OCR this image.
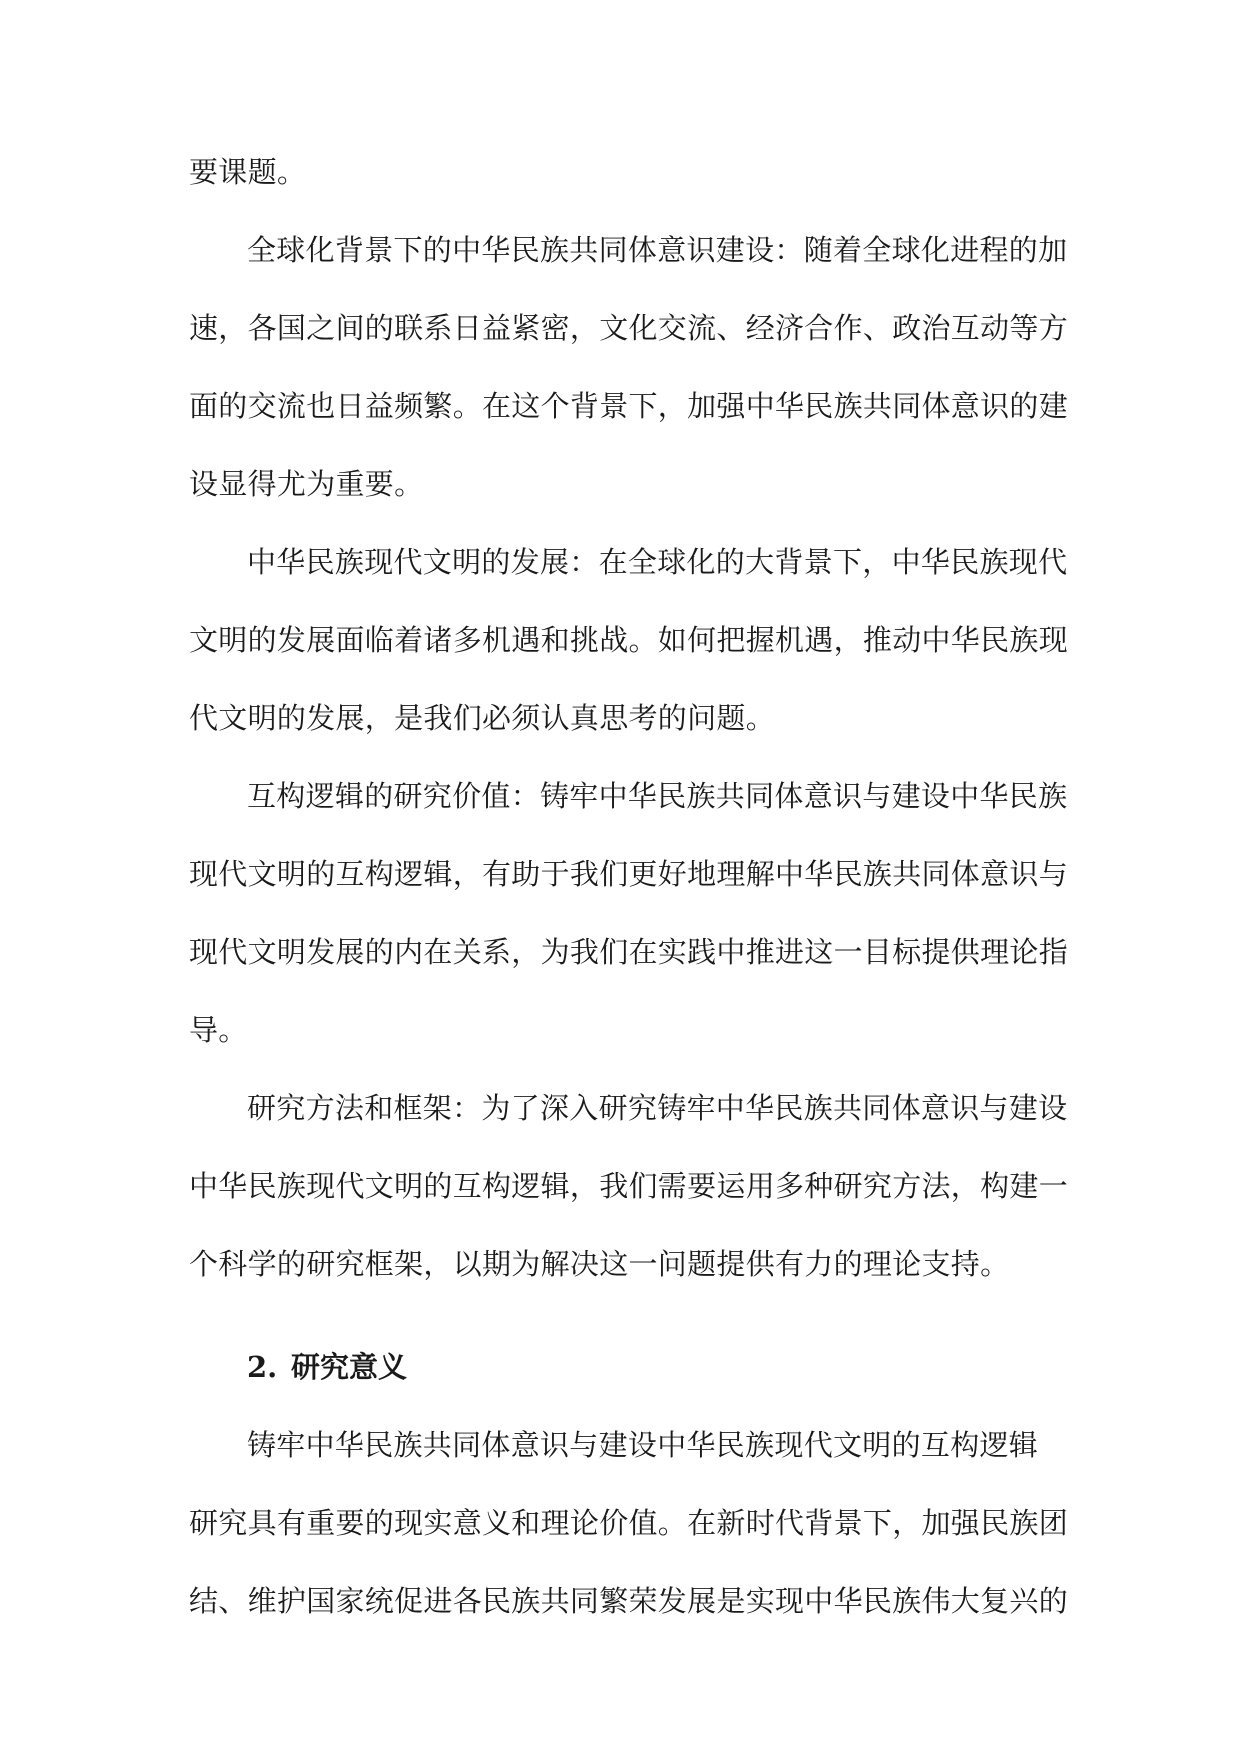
要课题。
全球化背景下的中华民族共同体意识建设：随着全球化进程的加
速，各国之间的联系日益紧密，文化交流、经济合作、政治互动等方
面的交流也日益频繁。在这个背景下，加强中华民族共同体意识的建
设显得尤为重要。
中华民族现代文明的发展：在全球化的大背景下，中华民族现代
文明的发展面临着诸多机遇和挑战。如何把握机遇，推动中华民族现
代文明的发展，是我们必须认真思考的问题。
互构逻辑的研究价值：铸牢中华民族共同体意识与建设中华民族
现代文明的互构逻辑，有助于我们更好地理解中华民族共同体意识与
现代文明发展的内在关系，为我们在实践中推进这一目标提供理论指
导。
研究方法和框架：为了深入研究铸牢中华民族共同体意识与建设
中华民族现代文明的互构逻辑，我们需要运用多种研究方法，构建一
个科学的研究框架，以期为解决这一问题提供有力的理论支持。
2. 研究意义
铸牢中华民族共同体意识与建设中华民族现代文明的互构逻辑
研究具有重要的现实意义和理论价值。在新时代背景下，加强民族团
结、维护国家统促进各民族共同繁荣发展是实现中华民族伟大复兴的
